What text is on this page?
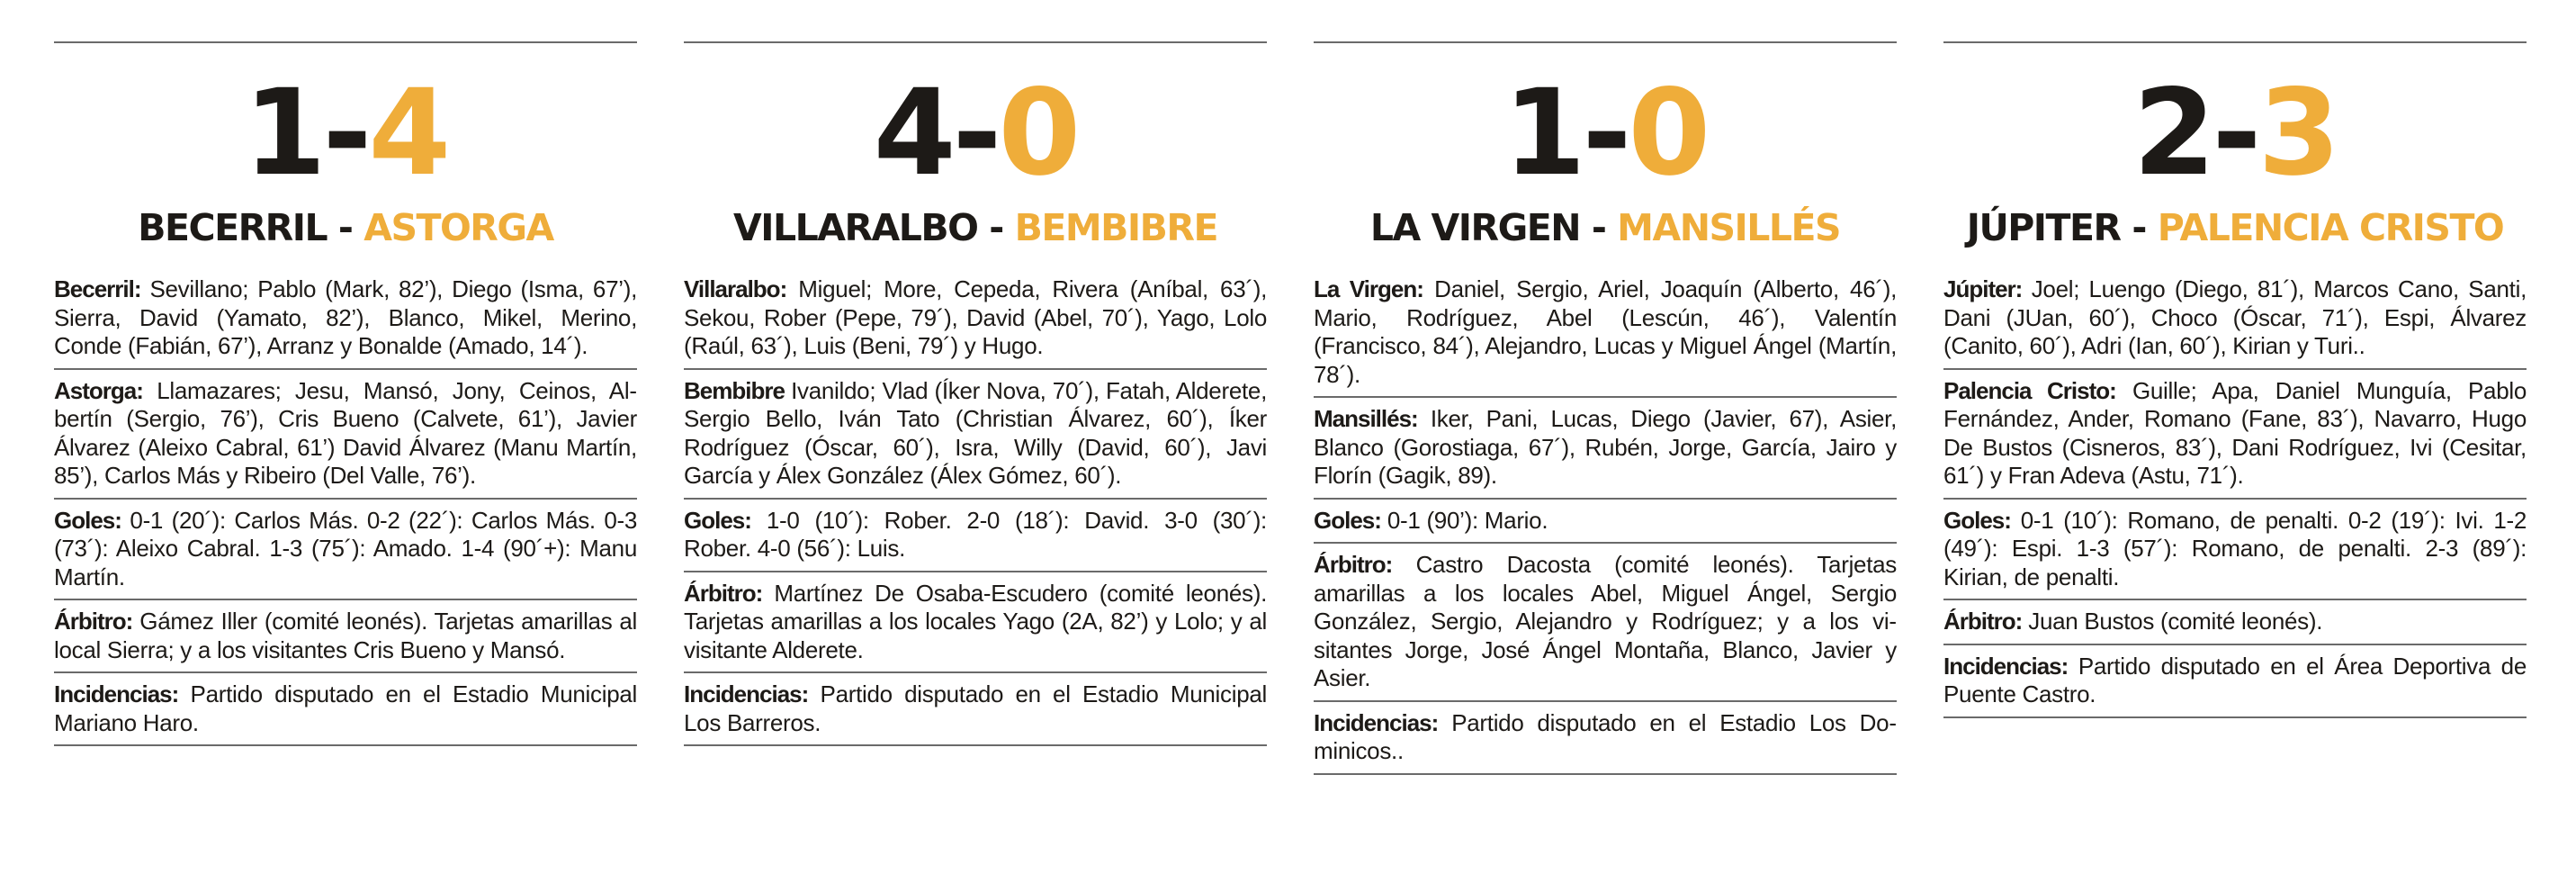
1-4
BECERRIL - ASTORGA
Becerril: Sevillano; Pablo (Mark, 82’), Diego (Isma, 67’), Sierra, David (Yamato, 82’), Blanco, Mikel, Merino, Conde (Fabián, 67’), Arranz y Bonalde (Amado, 14´).
Astorga: Llamazares; Jesu, Mansó, Jony, Ceinos, Albertín (Sergio, 76’), Cris Bueno (Calvete, 61’), Javier Álvarez (Aleixo Cabral, 61’) David Álvarez (Manu Martín, 85’), Carlos Más y Ribeiro (Del Valle, 76’).
Goles: 0-1 (20´): Carlos Más. 0-2 (22´): Carlos Más. 0-3 (73´): Aleixo Cabral. 1-3 (75´): Amado. 1-4 (90´+): Manu Martín.
Árbitro: Gámez Iller (comité leonés). Tarjetas amarillas al local Sierra; y a los visitantes Cris Bueno y Mansó.
Incidencias: Partido disputado en el Estadio Municipal Mariano Haro.
4-0
VILLARALBO - BEMBIBRE
Villaralbo: Miguel; More, Cepeda, Rivera (Aníbal, 63´), Sekou, Rober (Pepe, 79´), David (Abel, 70´), Yago, Lolo (Raúl, 63´), Luis (Beni, 79´) y Hugo.
Bembibre Ivanildo; Vlad (Íker Nova, 70´), Fatah, Alderete, Sergio Bello, Iván Tato (Christian Álvarez, 60´), Íker Rodríguez (Óscar, 60´), Isra, Willy (David, 60´), Javi García y Álex González (Álex Gómez, 60´).
Goles: 1-0 (10´): Rober. 2-0 (18´): David. 3-0 (30´): Rober. 4-0 (56´): Luis.
Árbitro: Martínez De Osaba-Escudero (comité leonés). Tarjetas amarillas a los locales Yago (2A, 82’) y Lolo; y al visitante Alderete.
Incidencias: Partido disputado en el Estadio Municipal Los Barreros.
1-0
LA VIRGEN - MANSILLÉS
La Virgen: Daniel, Sergio, Ariel, Joaquín (Alberto, 46´), Mario, Rodríguez, Abel (Lescún, 46´), Valentín (Francisco, 84´), Alejandro, Lucas y Miguel Ángel (Martín, 78´).
Mansillés: Iker, Pani, Lucas, Diego (Javier, 67), Asier, Blanco (Gorostiaga, 67´), Rubén, Jorge, García, Jairo y Florín (Gagik, 89).
Goles: 0-1 (90’): Mario.
Árbitro: Castro Dacosta (comité leonés). Tarjetas amarillas a los locales Abel, Miguel Ángel, Sergio González, Sergio, Alejandro y Rodríguez; y a los visitantes Jorge, José Ángel Montaña, Blanco, Javier y Asier.
Incidencias: Partido disputado en el Estadio Los Dominicos..
2-3
JÚPITER - PALENCIA CRISTO
Júpiter: Joel; Luengo (Diego, 81´), Marcos Cano, Santi, Dani (JUan, 60´), Choco (Óscar, 71´), Espi, Álvarez (Canito, 60´), Adri (Ian, 60´), Kirian y Turi..
Palencia Cristo: Guille; Apa, Daniel Munguía, Pablo Fernández, Ander, Romano (Fane, 83´), Navarro, Hugo De Bustos (Cisneros, 83´), Dani Rodríguez, Ivi (Cesitar, 61´) y Fran Adeva (Astu, 71´).
Goles: 0-1 (10´): Romano, de penalti. 0-2 (19´): Ivi. 1-2 (49´): Espi. 1-3 (57´): Romano, de penalti. 2-3 (89´): Kirian, de penalti.
Árbitro: Juan Bustos (comité leonés).
Incidencias: Partido disputado en el Área Deportiva de Puente Castro.
